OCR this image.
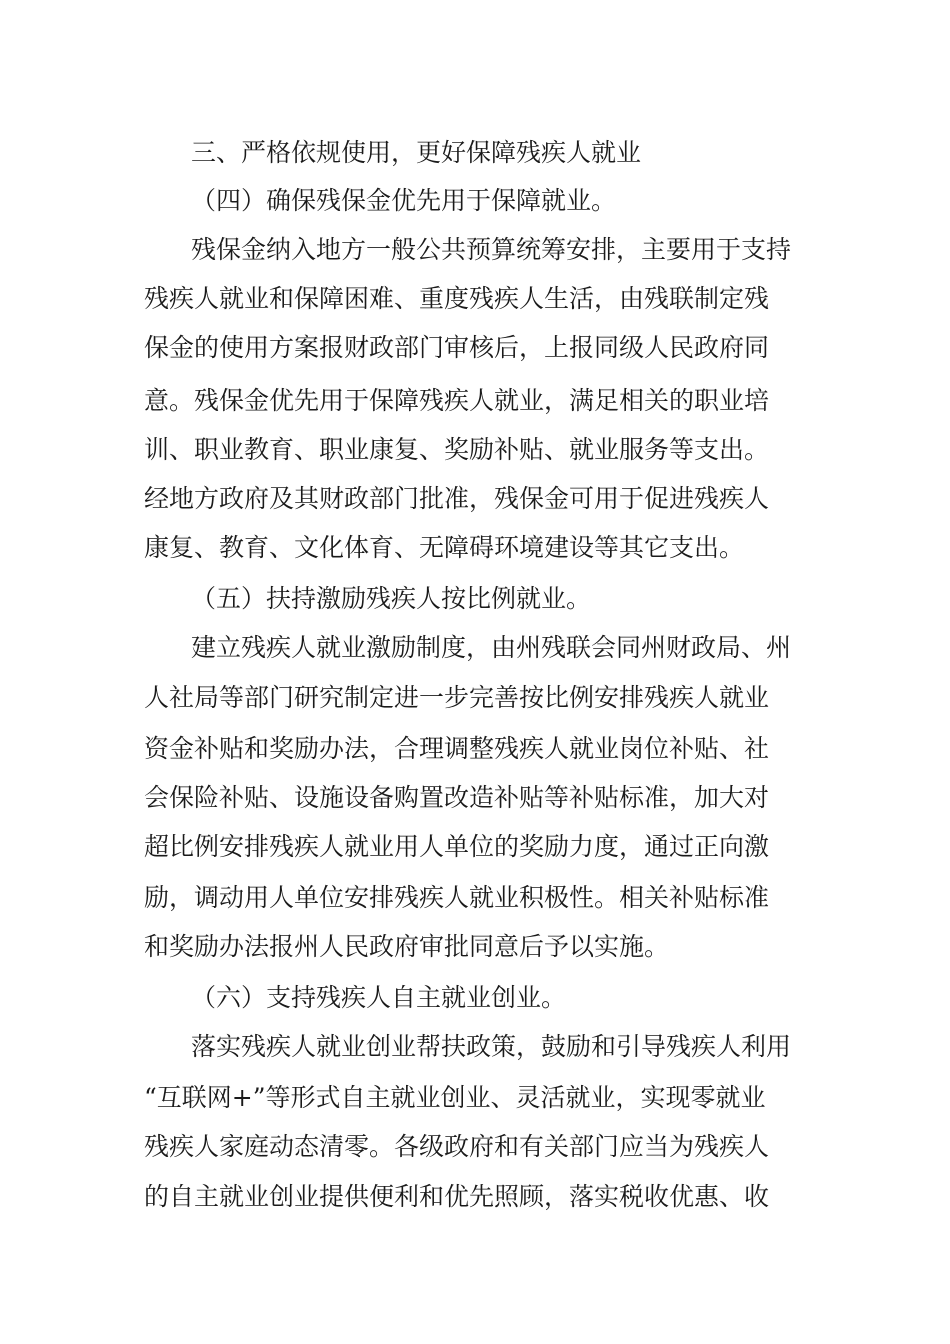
三、严格依规使用，更好保障残疾人就业

（四）确保残保金优先用于保障就业。

残保金纳入地方一般公共预算统筹安排，主要用于支持

残疾人就业和保障困难、重度残疾人生活，由残联制定残

保金的使用方案报财政部门审核后，上报同级人民政府同

意。残保金优先用于保障残疾人就业，满足相关的职业培

训、职业教育、职业康复、奖励补贴、就业服务等支出。

经地方政府及其财政部门批准，残保金可用于促进残疾人

康复、教育、文化体育、无障碍环境建设等其它支出。

（五）扶持激励残疾人按比例就业。

建立残疾人就业激励制度，由州残联会同州财政局、州

人社局等部门研究制定进一步完善按比例安排残疾人就业

资金补贴和奖励办法，合理调整残疾人就业岗位补贴、社

会保险补贴、设施设备购置改造补贴等补贴标准，加大对

超比例安排残疾人就业用人单位的奖励力度，通过正向激

励，调动用人单位安排残疾人就业积极性。相关补贴标准

和奖励办法报州人民政府审批同意后予以实施。

（六）支持残疾人自主就业创业。

落实残疾人就业创业帮扶政策，鼓励和引导残疾人利用

“互联网+”等形式自主就业创业、灵活就业，实现零就业

残疾人家庭动态清零。各级政府和有关部门应当为残疾人

的自主就业创业提供便利和优先照顾，落实税收优惠、收
